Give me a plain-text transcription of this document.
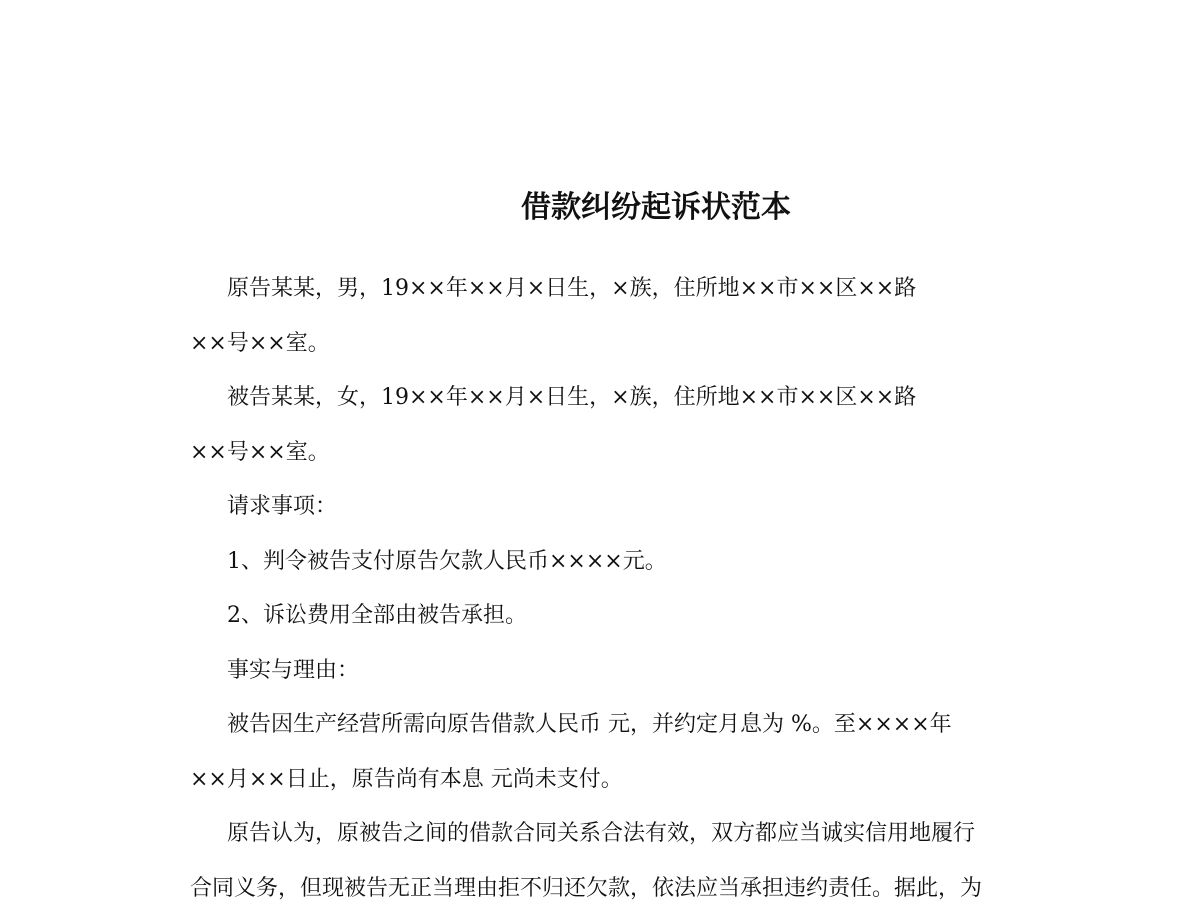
借款纠纷起诉状范本
原告某某，男，19××年××月×日生，×族，住所地××市××区××路
××号××室。
被告某某，女，19××年××月×日生，×族，住所地××市××区××路
××号××室。
请求事项：
1、判令被告支付原告欠款人民币××××元。
2、诉讼费用全部由被告承担。
事实与理由：
被告因生产经营所需向原告借款人民币 元，并约定月息为 %。至××××年
××月××日止，原告尚有本息 元尚未支付。
原告认为，原被告之间的借款合同关系合法有效，双方都应当诚实信用地履行
合同义务，但现被告无正当理由拒不归还欠款，依法应当承担违约责任。据此，为
